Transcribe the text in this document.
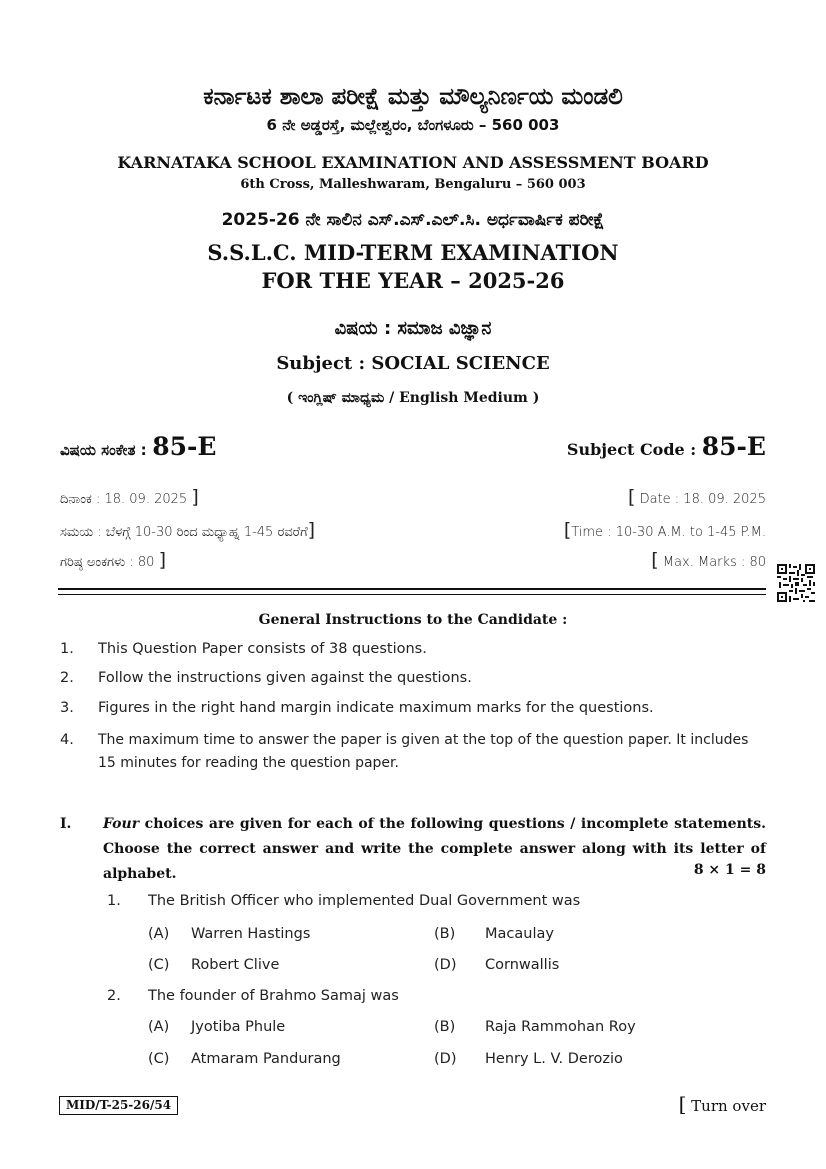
ಕರ್ನಾಟಕ ಶಾಲಾ ಪರೀಕ್ಷೆ ಮತ್ತು ಮೌಲ್ಯನಿರ್ಣಯ ಮಂಡಲಿ
6 ನೇ ಅಡ್ಡರಸ್ತೆ, ಮಲ್ಲೇಶ್ವರಂ, ಬೆಂಗಳೂರು – 560 003
KARNATAKA SCHOOL EXAMINATION AND ASSESSMENT BOARD
6th Cross, Malleshwaram, Bengaluru – 560 003
2025-26 ನೇ ಸಾಲಿನ ಎಸ್.ಎಸ್.ಎಲ್.ಸಿ. ಅರ್ಧವಾರ್ಷಿಕ ಪರೀಕ್ಷೆ
S.S.L.C. MID-TERM EXAMINATION
FOR THE YEAR – 2025-26
ವಿಷಯ : ಸಮಾಜ ವಿಜ್ಞಾನ
Subject : SOCIAL SCIENCE
( ಇಂಗ್ಲಿಷ್ ಮಾಧ್ಯಮ / English Medium )
ವಿಷಯ ಸಂಕೇತ : 85-E	Subject Code : 85-E
ದಿನಾಂಕ : 18. 09. 2025 ]
ಸಮಯ : ಬೆಳಗ್ಗೆ 10-30 ರಿಂದ ಮಧ್ಯಾಹ್ನ 1-45 ರವರೆಗೆ]
ಗರಿಷ್ಠ ಅಂಕಗಳು : 80 ]
[ Date : 18. 09. 2025
[Time : 10-30 A.M. to 1-45 P.M.
[ Max. Marks : 80
General Instructions to the Candidate :
1. This Question Paper consists of 38 questions.
2. Follow the instructions given against the questions.
3. Figures in the right hand margin indicate maximum marks for the questions.
4. The maximum time to answer the paper is given at the top of the question paper. It includes 15 minutes for reading the question paper.
I. Four choices are given for each of the following questions / incomplete statements. Choose the correct answer and write the complete answer along with its letter of alphabet.	8 × 1 = 8
1. The British Officer who implemented Dual Government was
(A) Warren Hastings	(B) Macaulay
(C) Robert Clive	(D) Cornwallis
2. The founder of Brahmo Samaj was
(A) Jyotiba Phule	(B) Raja Rammohan Roy
(C) Atmaram Pandurang	(D) Henry L. V. Derozio
MID/T-25-26/54	[ Turn over
